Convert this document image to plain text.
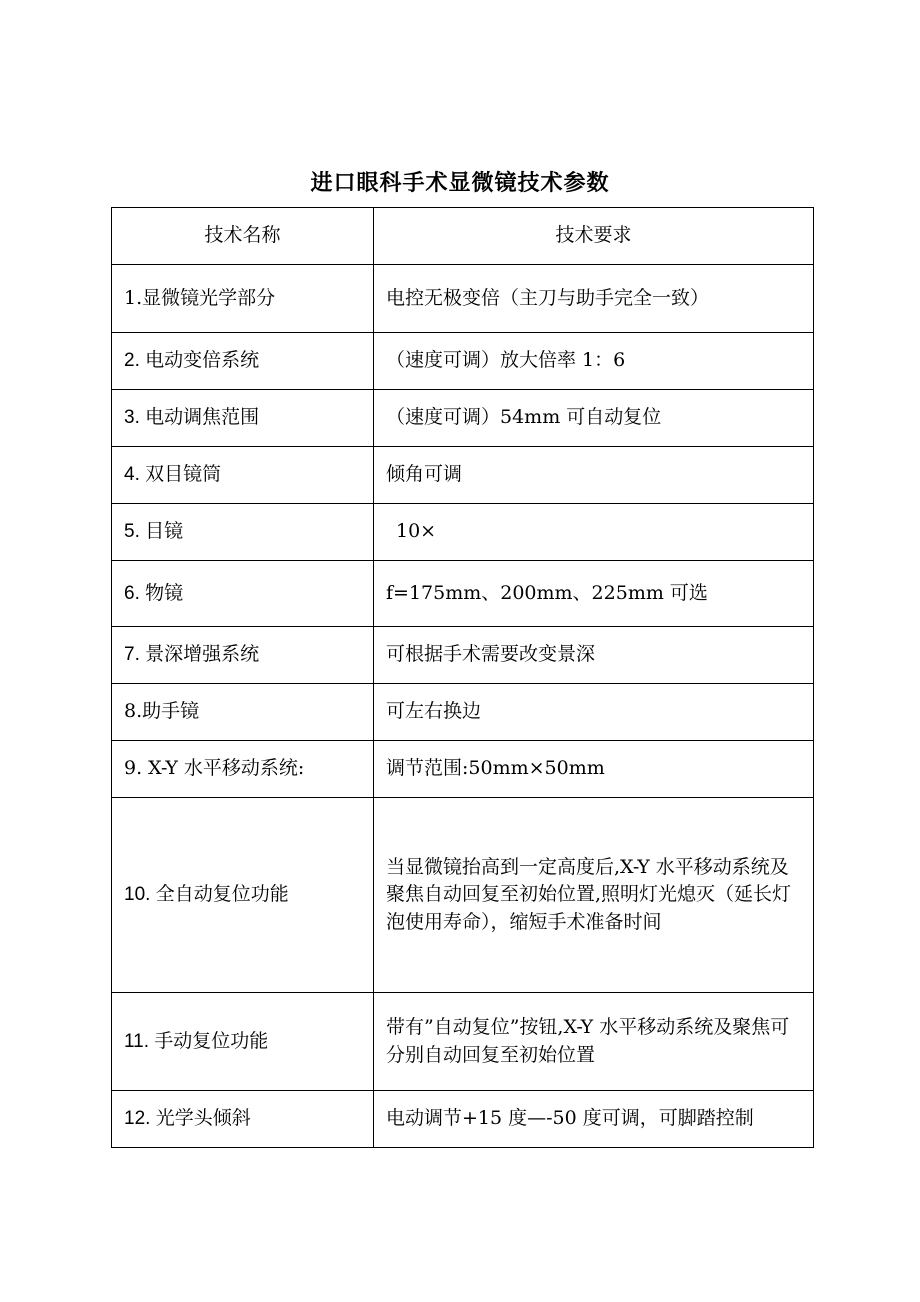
进口眼科手术显微镜技术参数
技术名称	技术要求
1.显微镜光学部分	电控无极变倍（主刀与助手完全一致）
2. 电动变倍系统	（速度可调）放大倍率 1：6
3. 电动调焦范围	（速度可调）54mm 可自动复位
4. 双目镜筒	倾角可调
5. 目镜	10×
6. 物镜	f=175mm、200mm、225mm 可选
7. 景深增强系统	可根据手术需要改变景深
8.助手镜	可左右换边
9. X-Y 水平移动系统:	调节范围:50mm×50mm
10. 全自动复位功能	当显微镜抬高到一定高度后,X-Y 水平移动系统及聚焦自动回复至初始位置,照明灯光熄灭（延长灯泡使用寿命），缩短手术准备时间
11. 手动复位功能	带有”自动复位”按钮,X-Y 水平移动系统及聚焦可分别自动回复至初始位置
12. 光学头倾斜	电动调节+15 度—-50 度可调，可脚踏控制
